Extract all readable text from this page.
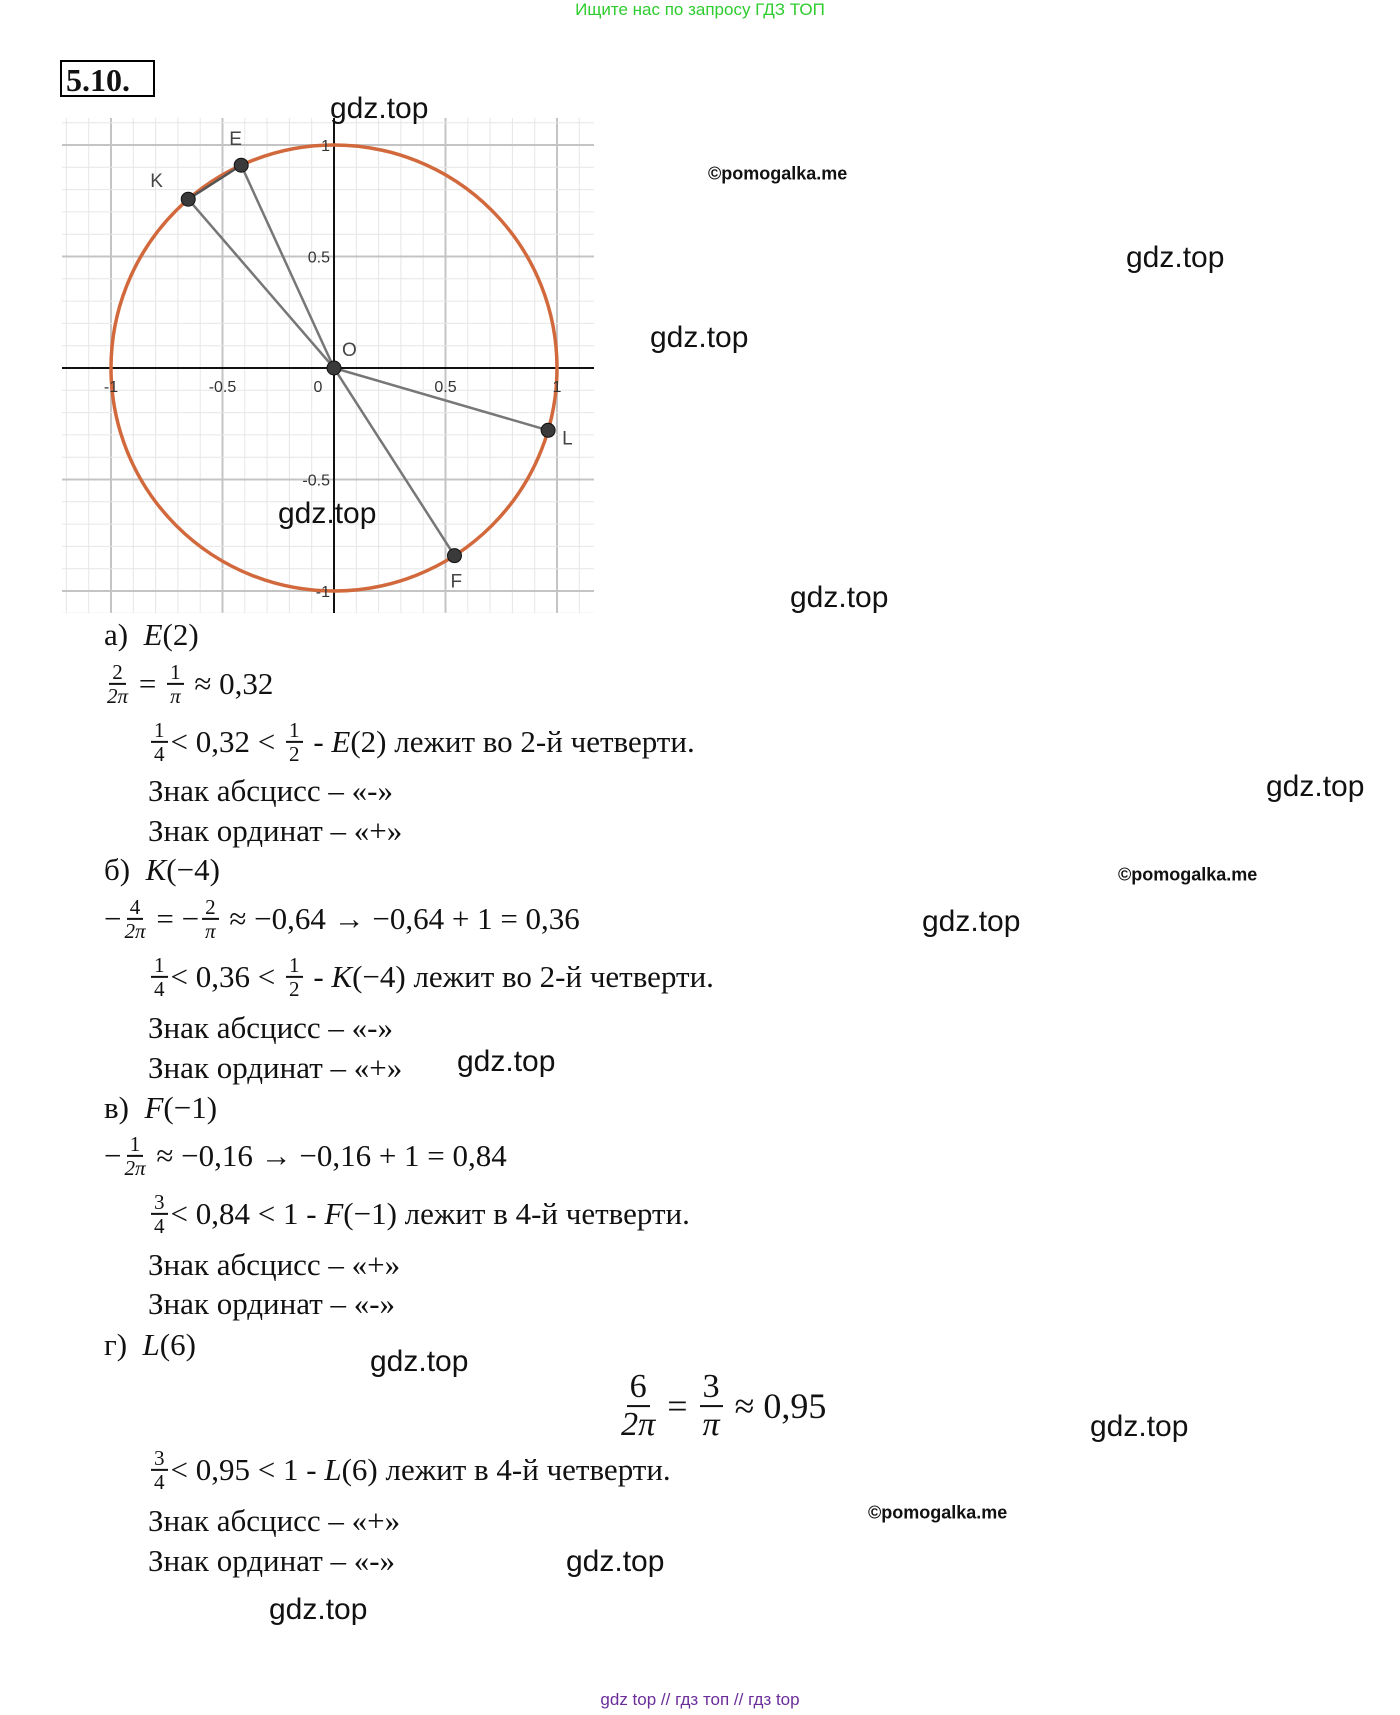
Ищите нас по запросу ГДЗ ТОП
5.10.
-1	-0.5	0	0.5	1
1
0.5
-0.5
-1
E
K
F
L
O
а) E (2)
$\frac{2}{2\pi} = \frac{1}{\pi} \approx 0,32$
$\frac{1}{4} < 0,32 < \frac{1}{2} - E$ (2) лежит во 2-й четверти.
Знак абсцисс – «-»
Знак ординат – «+»
б) K (−4)
− $\frac{4}{2\pi}$ = − $\frac{2}{\pi} \approx -0,64 \to -0,64 + 1 = 0,36$
$\frac{1}{4} < 0,36 < \frac{1}{2} - K$ (−4) лежит во 2-й четверти.
Знак абсцисс – «-»
Знак ординат – «+»
в) F (−1)
− $\frac{1}{2\pi} \approx -0,16 \to -0,16 + 1 = 0,84$
$\frac{3}{4} < 0,84 < 1 - F$ (−1) лежит в 4-й четверти.
Знак абсцисс – «+»
Знак ординат – «-»
г) L (6)
$\frac{6}{2\pi} = \frac{3}{\pi} \approx 0,95$
$\frac{3}{4} < 0,95 < 1 - L$ (6) лежит в 4-й четверти.
Знак абсцисс – «+»
Знак ординат – «-»
gdz.top
gdz.top
gdz.top
gdz.top
gdz.top
gdz.top
gdz.top
gdz.top
gdz.top
gdz.top
gdz.top
gdz.top
©pomogalka.me
©pomogalka.me
©pomogalka.me
gdz top // гдз топ // гдз top
